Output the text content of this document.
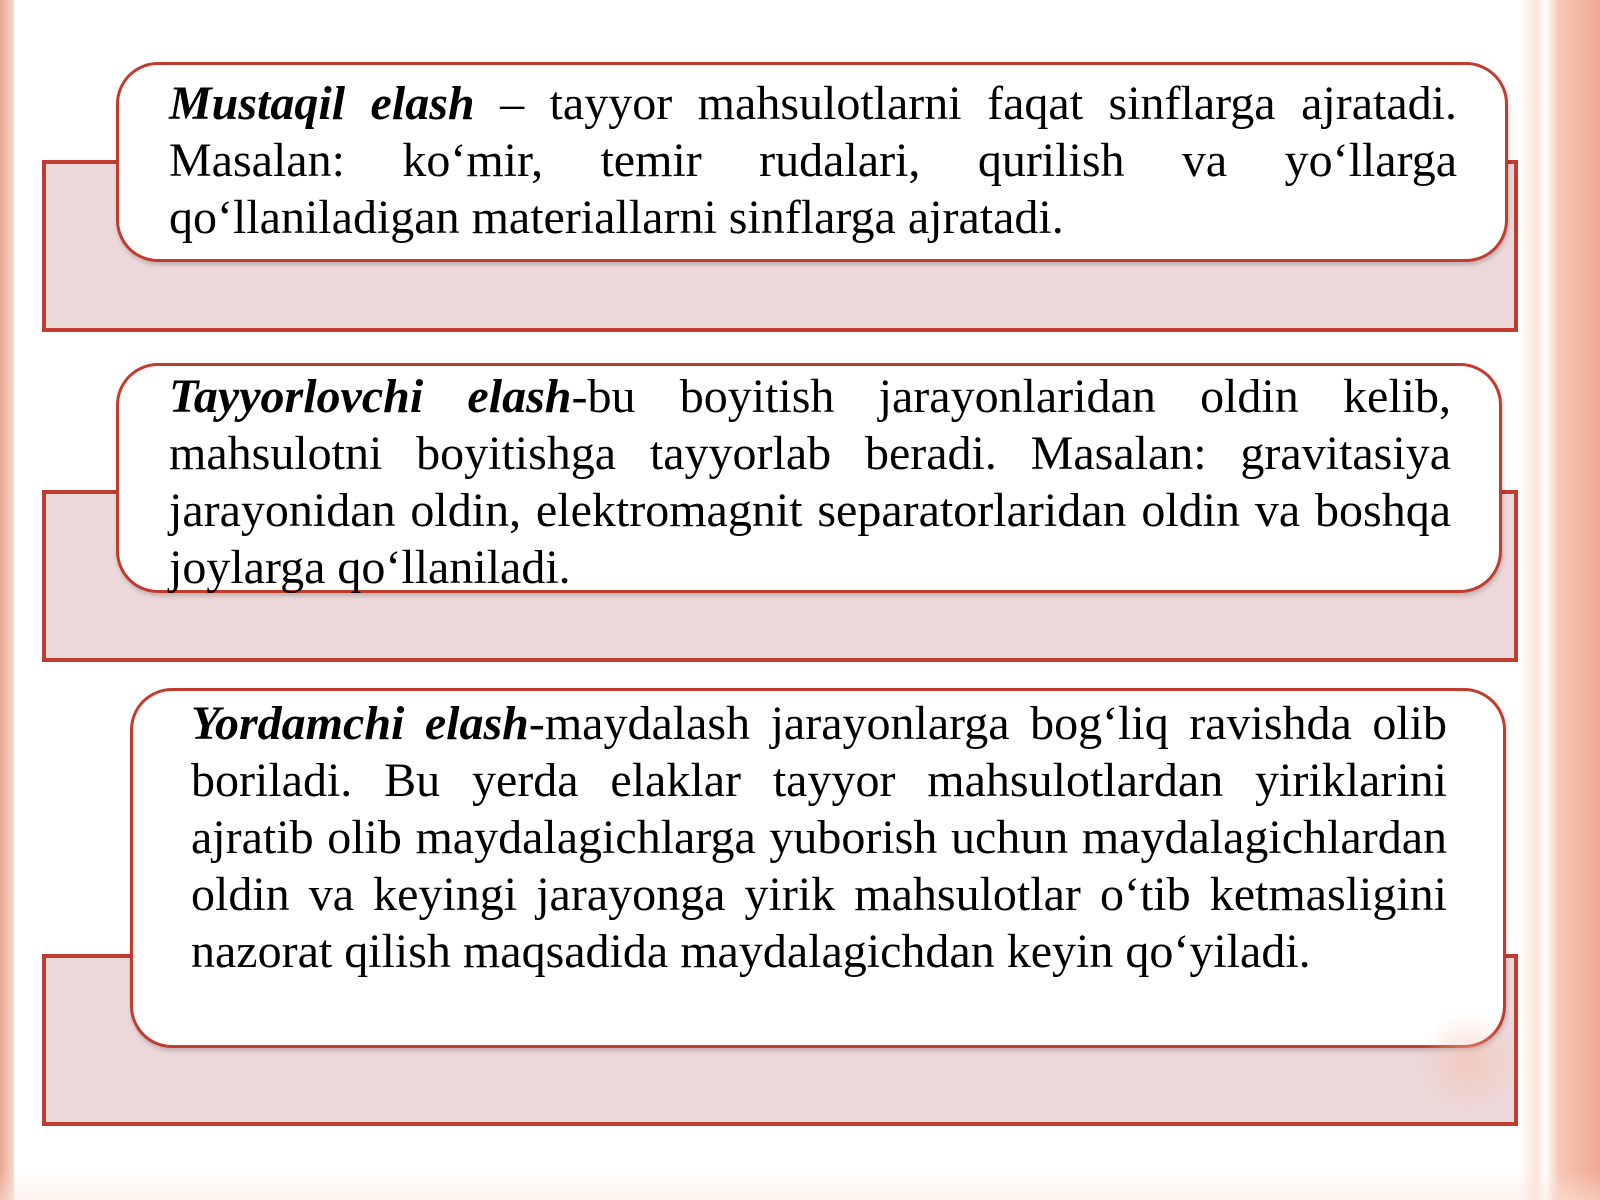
Mustaqil elash – tayyor mahsulotlarni faqat sinflarga ajratadi. Masalan: ko‘mir, temir rudalari, qurilish va yo‘llarga qo‘llaniladigan materiallarni sinflarga ajratadi.

Tayyorlovchi elash-bu boyitish jarayonlaridan oldin kelib, mahsulotni boyitishga tayyorlab beradi. Masalan: gravitasiya jarayonidan oldin, elektromagnit separatorlaridan oldin va boshqa joylarga qo‘llaniladi.

Yordamchi elash-maydalash jarayonlarga bog‘liq ravishda olib boriladi. Bu yerda elaklar tayyor mahsulotlardan yiriklarini ajratib olib maydalagichlarga yuborish uchun maydalagichlardan oldin va keyingi jarayonga yirik mahsulotlar o‘tib ketmasligini nazorat qilish maqsadida maydalagichdan keyin qo‘yiladi.
